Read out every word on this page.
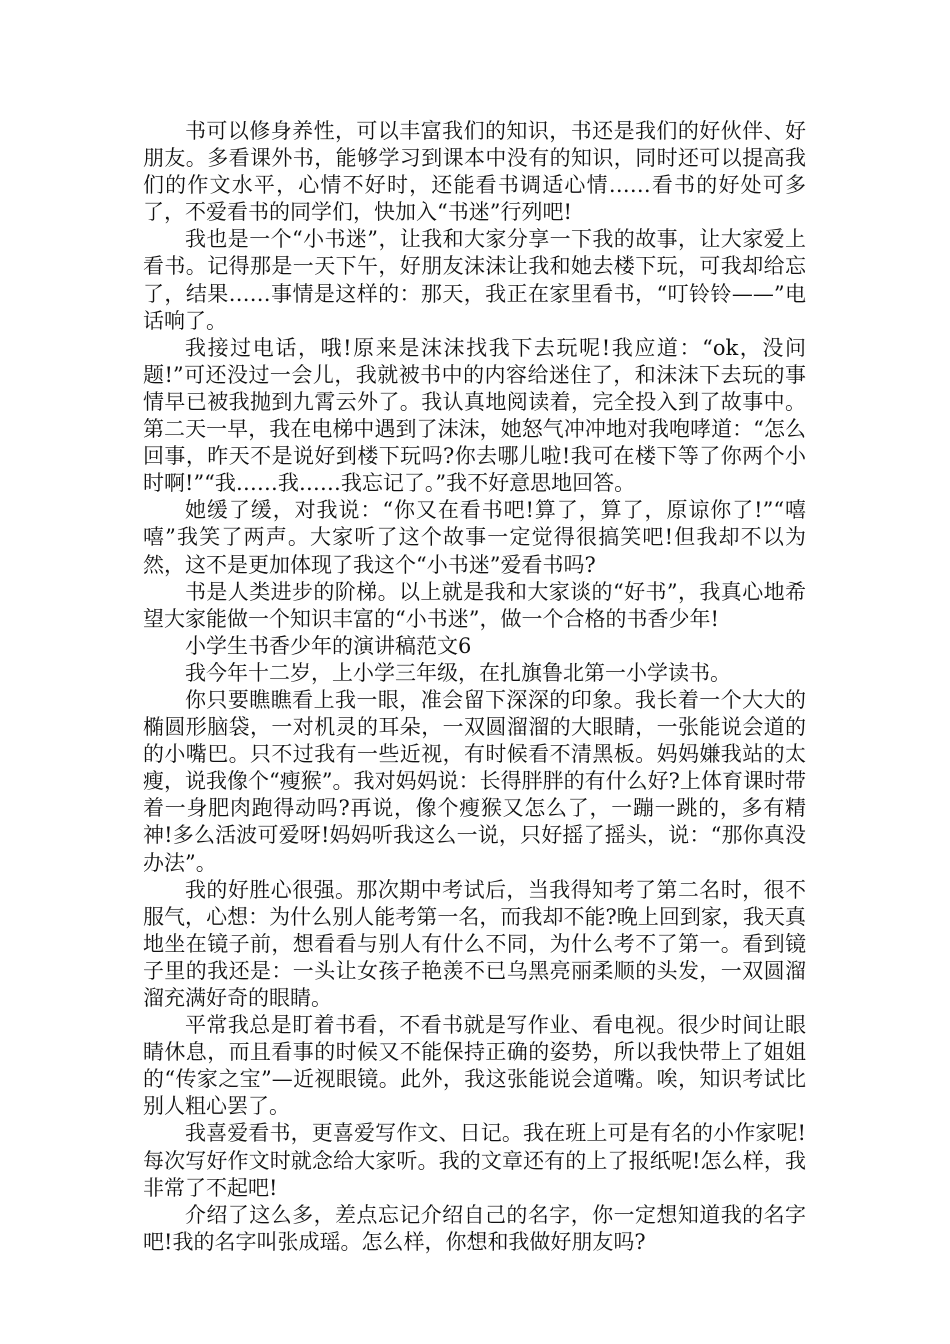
书可以修身养性，可以丰富我们的知识，书还是我们的好伙伴、好朋友。多看课外书，能够学习到课本中没有的知识，同时还可以提高我们的作文水平，心情不好时，还能看书调适心情……看书的好处可多了，不爱看书的同学们，快加入“书迷”行列吧!

我也是一个“小书迷”，让我和大家分享一下我的故事，让大家爱上看书。记得那是一天下午，好朋友沫沫让我和她去楼下玩，可我却给忘了，结果……事情是这样的：那天，我正在家里看书，“叮铃铃——”电话响了。

我接过电话，哦!原来是沫沫找我下去玩呢!我应道：“ok，没问题!”可还没过一会儿，我就被书中的内容给迷住了，和沫沫下去玩的事情早已被我抛到九霄云外了。我认真地阅读着，完全投入到了故事中。第二天一早，我在电梯中遇到了沫沫，她怒气冲冲地对我咆哮道：“怎么回事，昨天不是说好到楼下玩吗?你去哪儿啦!我可在楼下等了你两个小时啊!”“我……我……我忘记了。”我不好意思地回答。

她缓了缓，对我说：“你又在看书吧!算了，算了，原谅你了!”“嘻嘻”我笑了两声。大家听了这个故事一定觉得很搞笑吧!但我却不以为然，这不是更加体现了我这个“小书迷”爱看书吗?

书是人类进步的阶梯。以上就是我和大家谈的“好书”，我真心地希望大家能做一个知识丰富的“小书迷”，做一个合格的书香少年!

小学生书香少年的演讲稿范文6

我今年十二岁，上小学三年级，在扎旗鲁北第一小学读书。

你只要瞧瞧看上我一眼，准会留下深深的印象。我长着一个大大的椭圆形脑袋，一对机灵的耳朵，一双圆溜溜的大眼睛，一张能说会道的的小嘴巴。只不过我有一些近视，有时候看不清黑板。妈妈嫌我站的太瘦，说我像个“瘦猴”。我对妈妈说：长得胖胖的有什么好?上体育课时带着一身肥肉跑得动吗?再说，像个瘦猴又怎么了，一蹦一跳的，多有精神!多么活波可爱呀!妈妈听我这么一说，只好摇了摇头，说：“那你真没办法”。

我的好胜心很强。那次期中考试后，当我得知考了第二名时，很不服气，心想：为什么别人能考第一名，而我却不能?晚上回到家，我天真地坐在镜子前，想看看与别人有什么不同，为什么考不了第一。看到镜子里的我还是：一头让女孩子艳羡不已乌黑亮丽柔顺的头发，一双圆溜溜充满好奇的眼睛。

平常我总是盯着书看，不看书就是写作业、看电视。很少时间让眼睛休息，而且看事的时候又不能保持正确的姿势，所以我快带上了姐姐的“传家之宝”—近视眼镜。此外，我这张能说会道嘴。唉，知识考试比别人粗心罢了。

我喜爱看书，更喜爱写作文、日记。我在班上可是有名的小作家呢!每次写好作文时就念给大家听。我的文章还有的上了报纸呢!怎么样，我非常了不起吧!

介绍了这么多，差点忘记介绍自己的名字，你一定想知道我的名字吧!我的名字叫张成瑶。怎么样，你想和我做好朋友吗?
